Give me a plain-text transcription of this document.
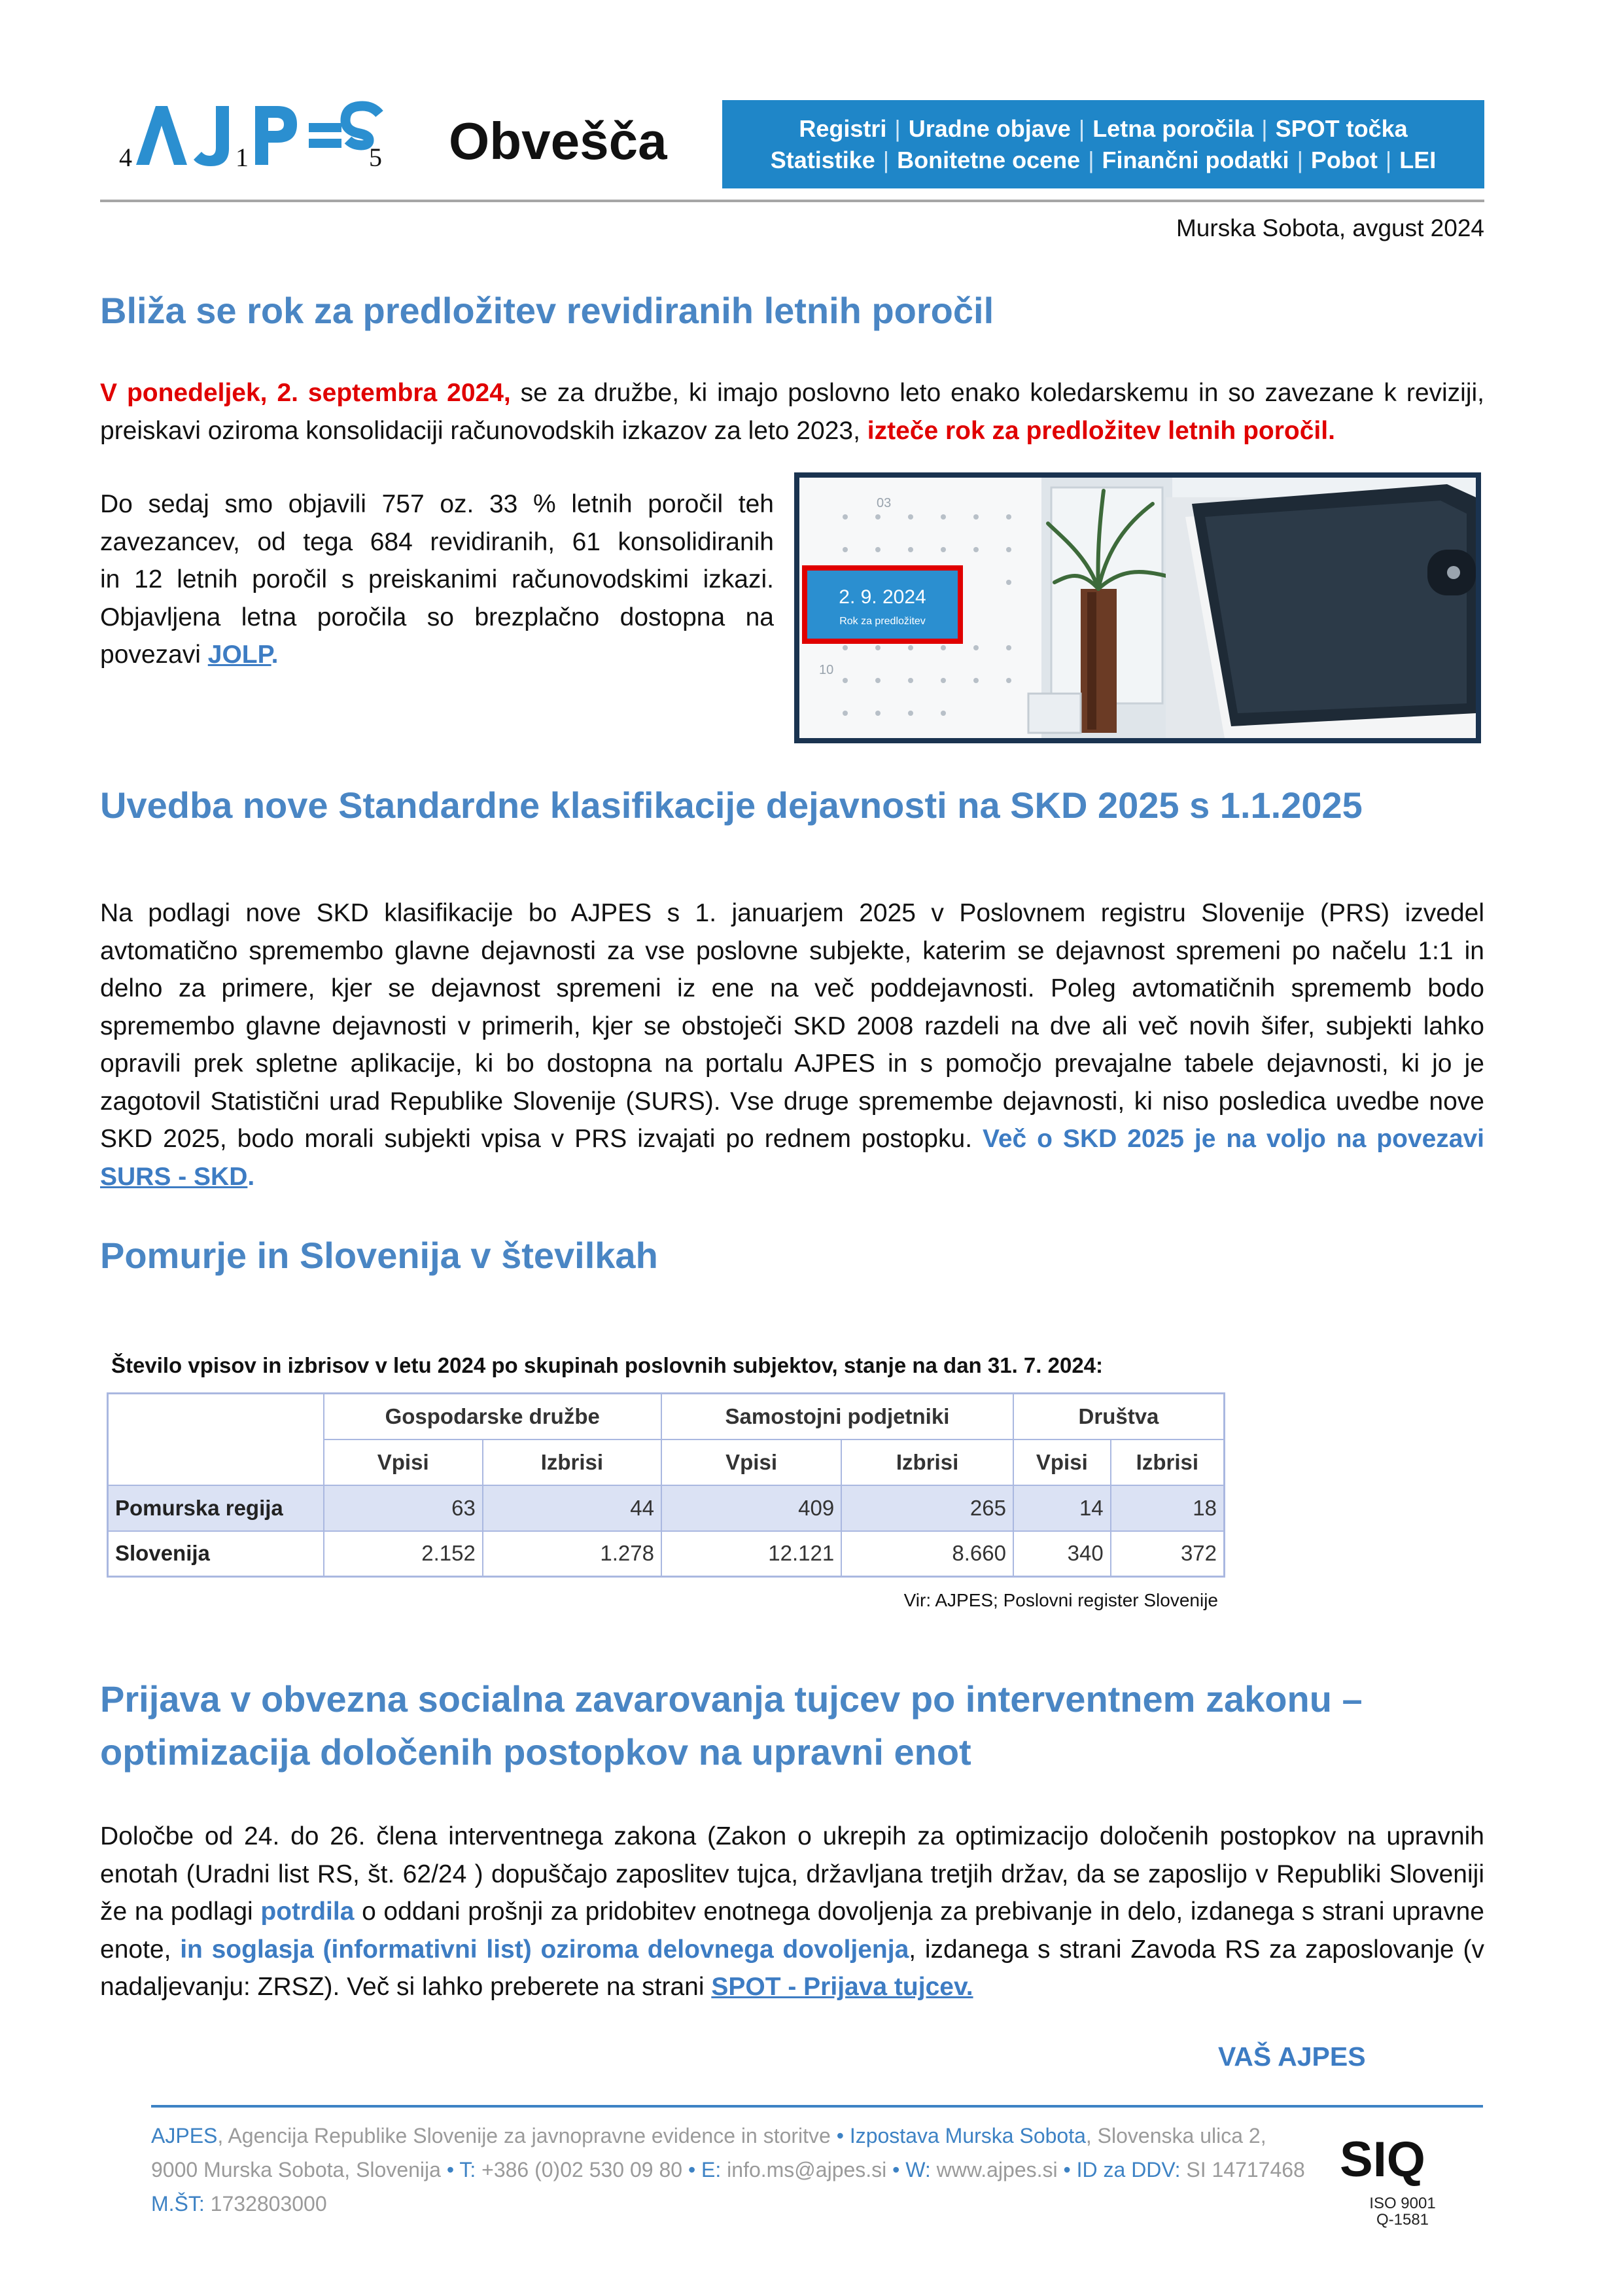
4	1	5 Obvešča	Registri | Uradne objave | Letna poročila | SPOT točka
Statistike | Bonitetne ocene | Finančni podatki | Pobot | LEI
Murska Sobota, avgust 2024
Bliža se rok za predložitev revidiranih letnih poročil

V ponedeljek, 2. septembra 2024, se za družbe, ki imajo poslovno leto enako koledarskemu in so zavezane k reviziji, preiskavi oziroma konsolidaciji računovodskih izkazov za leto 2023, izteče rok za predložitev letnih poročil.

Do sedaj smo objavili 757 oz. 33 % letnih poročil teh
zavezancev, od tega 684 revidiranih, 61 konsolidiranih
in 12 letnih poročil s preiskanimi računovodskimi izkazi.
Objavljena letna poročila so brezplačno dostopna na
povezavi JOLP.
03
10
2. 9. 2024
Rok za predložitev
Uvedba nove Standardne klasifikacije dejavnosti na SKD 2025 s 1.1.2025

Na podlagi nove SKD klasifikacije bo AJPES s 1. januarjem 2025 v Poslovnem registru Slovenije (PRS) izvedel avtomatično spremembo glavne dejavnosti za vse poslovne subjekte, katerim se dejavnost spremeni po načelu 1:1 in delno za primere, kjer se dejavnost spremeni iz ene na več poddejavnosti. Poleg avtomatičnih sprememb bodo spremembo glavne dejavnosti v primerih, kjer se obstoječi SKD 2008 razdeli na dve ali več novih šifer, subjekti lahko opravili prek spletne aplikacije, ki bo dostopna na portalu AJPES in s pomočjo prevajalne tabele dejavnosti, ki jo je zagotovil Statistični urad Republike Slovenije (SURS). Vse druge spremembe dejavnosti, ki niso posledica uvedbe nove SKD 2025, bodo morali subjekti vpisa v PRS izvajati po rednem postopku. Več o SKD 2025 je na voljo na povezavi SURS - SKD.

Pomurje in Slovenija v številkah
Število vpisov in izbrisov v letu 2024 po skupinah poslovnih subjektov, stanje na dan 31. 7. 2024:
	Gospodarske družbe		Samostojni podjetniki		Društva	
	Vpisi	Izbrisi	Vpisi	Izbrisi	Vpisi	Izbrisi
Pomurska regija	63	44	409	265	14	18
Slovenija	2.152	1.278	12.121	8.660	340	372
Vir: AJPES; Poslovni register Slovenije
Prijava v obvezna socialna zavarovanja tujcev po interventnem zakonu –
optimizacija določenih postopkov na upravni enot

Določbe od 24. do 26. člena interventnega zakona (Zakon o ukrepih za optimizacijo določenih postopkov na upravnih enotah (Uradni list RS, št. 62/24 ) dopuščajo zaposlitev tujca, državljana tretjih držav, da se zaposlijo v Republiki Sloveniji že na podlagi potrdila o oddani prošnji za pridobitev enotnega dovoljenja za prebivanje in delo, izdanega s strani upravne enote, in soglasja (informativni list) oziroma delovnega dovoljenja, izdanega s strani Zavoda RS za zaposlovanje (v nadaljevanju: ZRSZ). Več si lahko preberete na strani SPOT - Prijava tujcev.

VAŠ AJPES
AJPES, Agencija Republike Slovenije za javnopravne evidence in storitve • Izpostava Murska Sobota, Slovenska ulica 2,
9000 Murska Sobota, Slovenija • T: +386 (0)02 530 09 80 • E: info.ms@ajpes.si • W: www.ajpes.si • ID za DDV: SI 14717468
M.ŠT: 1732803000
SIQ
ISO 9001
Q-1581
